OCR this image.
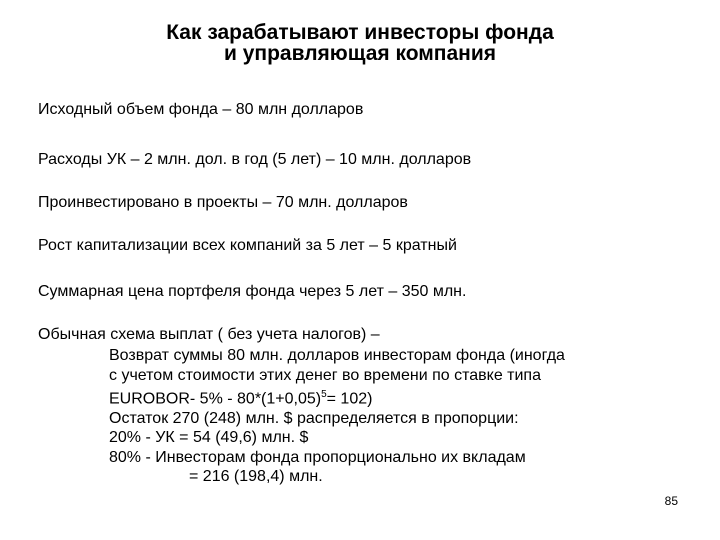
Как зарабатывают инвесторы фонда
и управляющая компания
Исходный объем фонда – 80 млн долларов
Расходы УК – 2 млн. дол. в год (5 лет) – 10 млн. долларов
Проинвестировано в проекты – 70 млн. долларов
Рост капитализации всех компаний за 5 лет – 5 кратный
Суммарная цена портфеля фонда через 5 лет – 350 млн.
Обычная схема выплат ( без учета налогов) –
Возврат суммы 80 млн. долларов инвесторам фонда (иногда
с учетом стоимости этих денег во времени по ставке типа
EUROBOR- $5\% - 80*(1+0,05)^5= 102$)
Остаток 270 (248) млн. $ распределяется в пропорции:
20% - УК = 54 (49,6) млн. $
80% - Инвесторам фонда пропорционально их вкладам
= 216 (198,4) млн.
85
